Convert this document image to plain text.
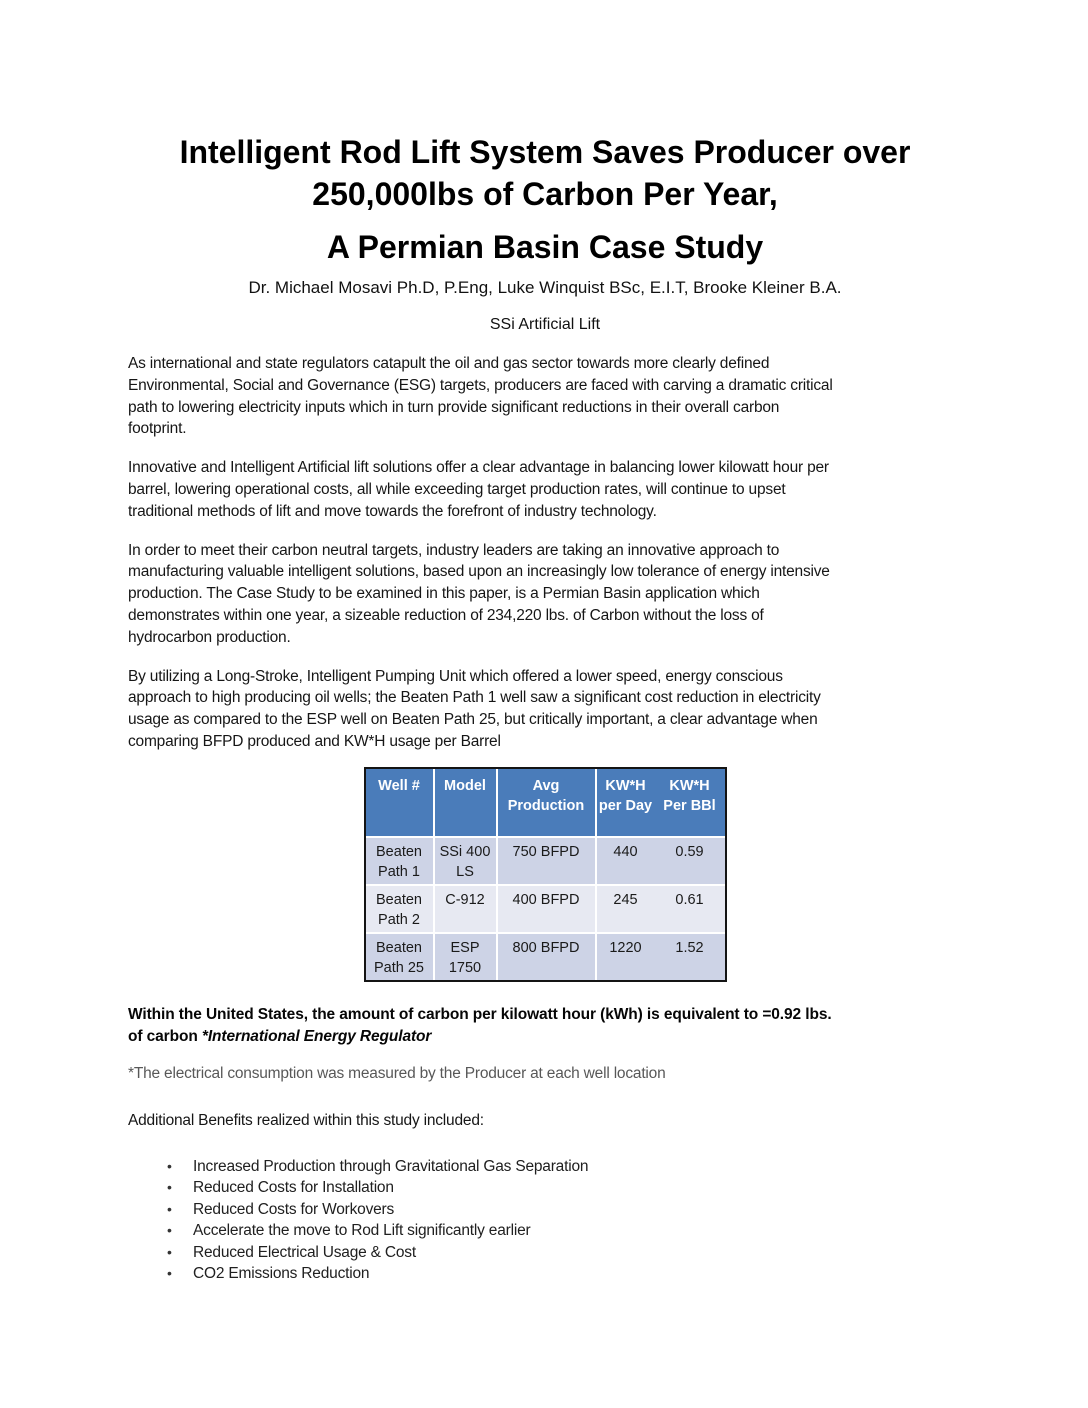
Intelligent Rod Lift System Saves Producer over
250,000lbs of Carbon Per Year,
A Permian Basin Case Study

Dr. Michael Mosavi Ph.D, P.Eng, Luke Winquist BSc, E.I.T, Brooke Kleiner B.A.

SSi Artificial Lift

As international and state regulators catapult the oil and gas sector towards more clearly defined
Environmental, Social and Governance (ESG) targets, producers are faced with carving a dramatic critical
path to lowering electricity inputs which in turn provide significant reductions in their overall carbon
footprint.
Innovative and Intelligent Artificial lift solutions offer a clear advantage in balancing lower kilowatt hour per
barrel, lowering operational costs, all while exceeding target production rates, will continue to upset
traditional methods of lift and move towards the forefront of industry technology.
In order to meet their carbon neutral targets, industry leaders are taking an innovative approach to
manufacturing valuable intelligent solutions, based upon an increasingly low tolerance of energy intensive
production. The Case Study to be examined in this paper, is a Permian Basin application which
demonstrates within one year, a sizeable reduction of 234,220 lbs. of Carbon without the loss of
hydrocarbon production.
By utilizing a Long-Stroke, Intelligent Pumping Unit which offered a lower speed, energy conscious
approach to high producing oil wells; the Beaten Path 1 well saw a significant cost reduction in electricity
usage as compared to the ESP well on Beaten Path 25, but critically important, a clear advantage when
comparing BFPD produced and KW*H usage per Barrel
Well #	Model	Avg Production	KW*H per Day	KW*H Per BBl
Beaten Path 1	SSi 400 LS	750 BFPD	440	0.59
Beaten Path 2	C-912	400 BFPD	245	0.61
Beaten Path 25	ESP 1750	800 BFPD	1220	1.52
Within the United States, the amount of carbon per kilowatt hour (kWh) is equivalent to =0.92 lbs.
of carbon *International Energy Regulator

*The electrical consumption was measured by the Producer at each well location

Additional Benefits realized within this study included:

• Increased Production through Gravitational Gas Separation
• Reduced Costs for Installation
• Reduced Costs for Workovers
• Accelerate the move to Rod Lift significantly earlier
• Reduced Electrical Usage & Cost
• CO2 Emissions Reduction
